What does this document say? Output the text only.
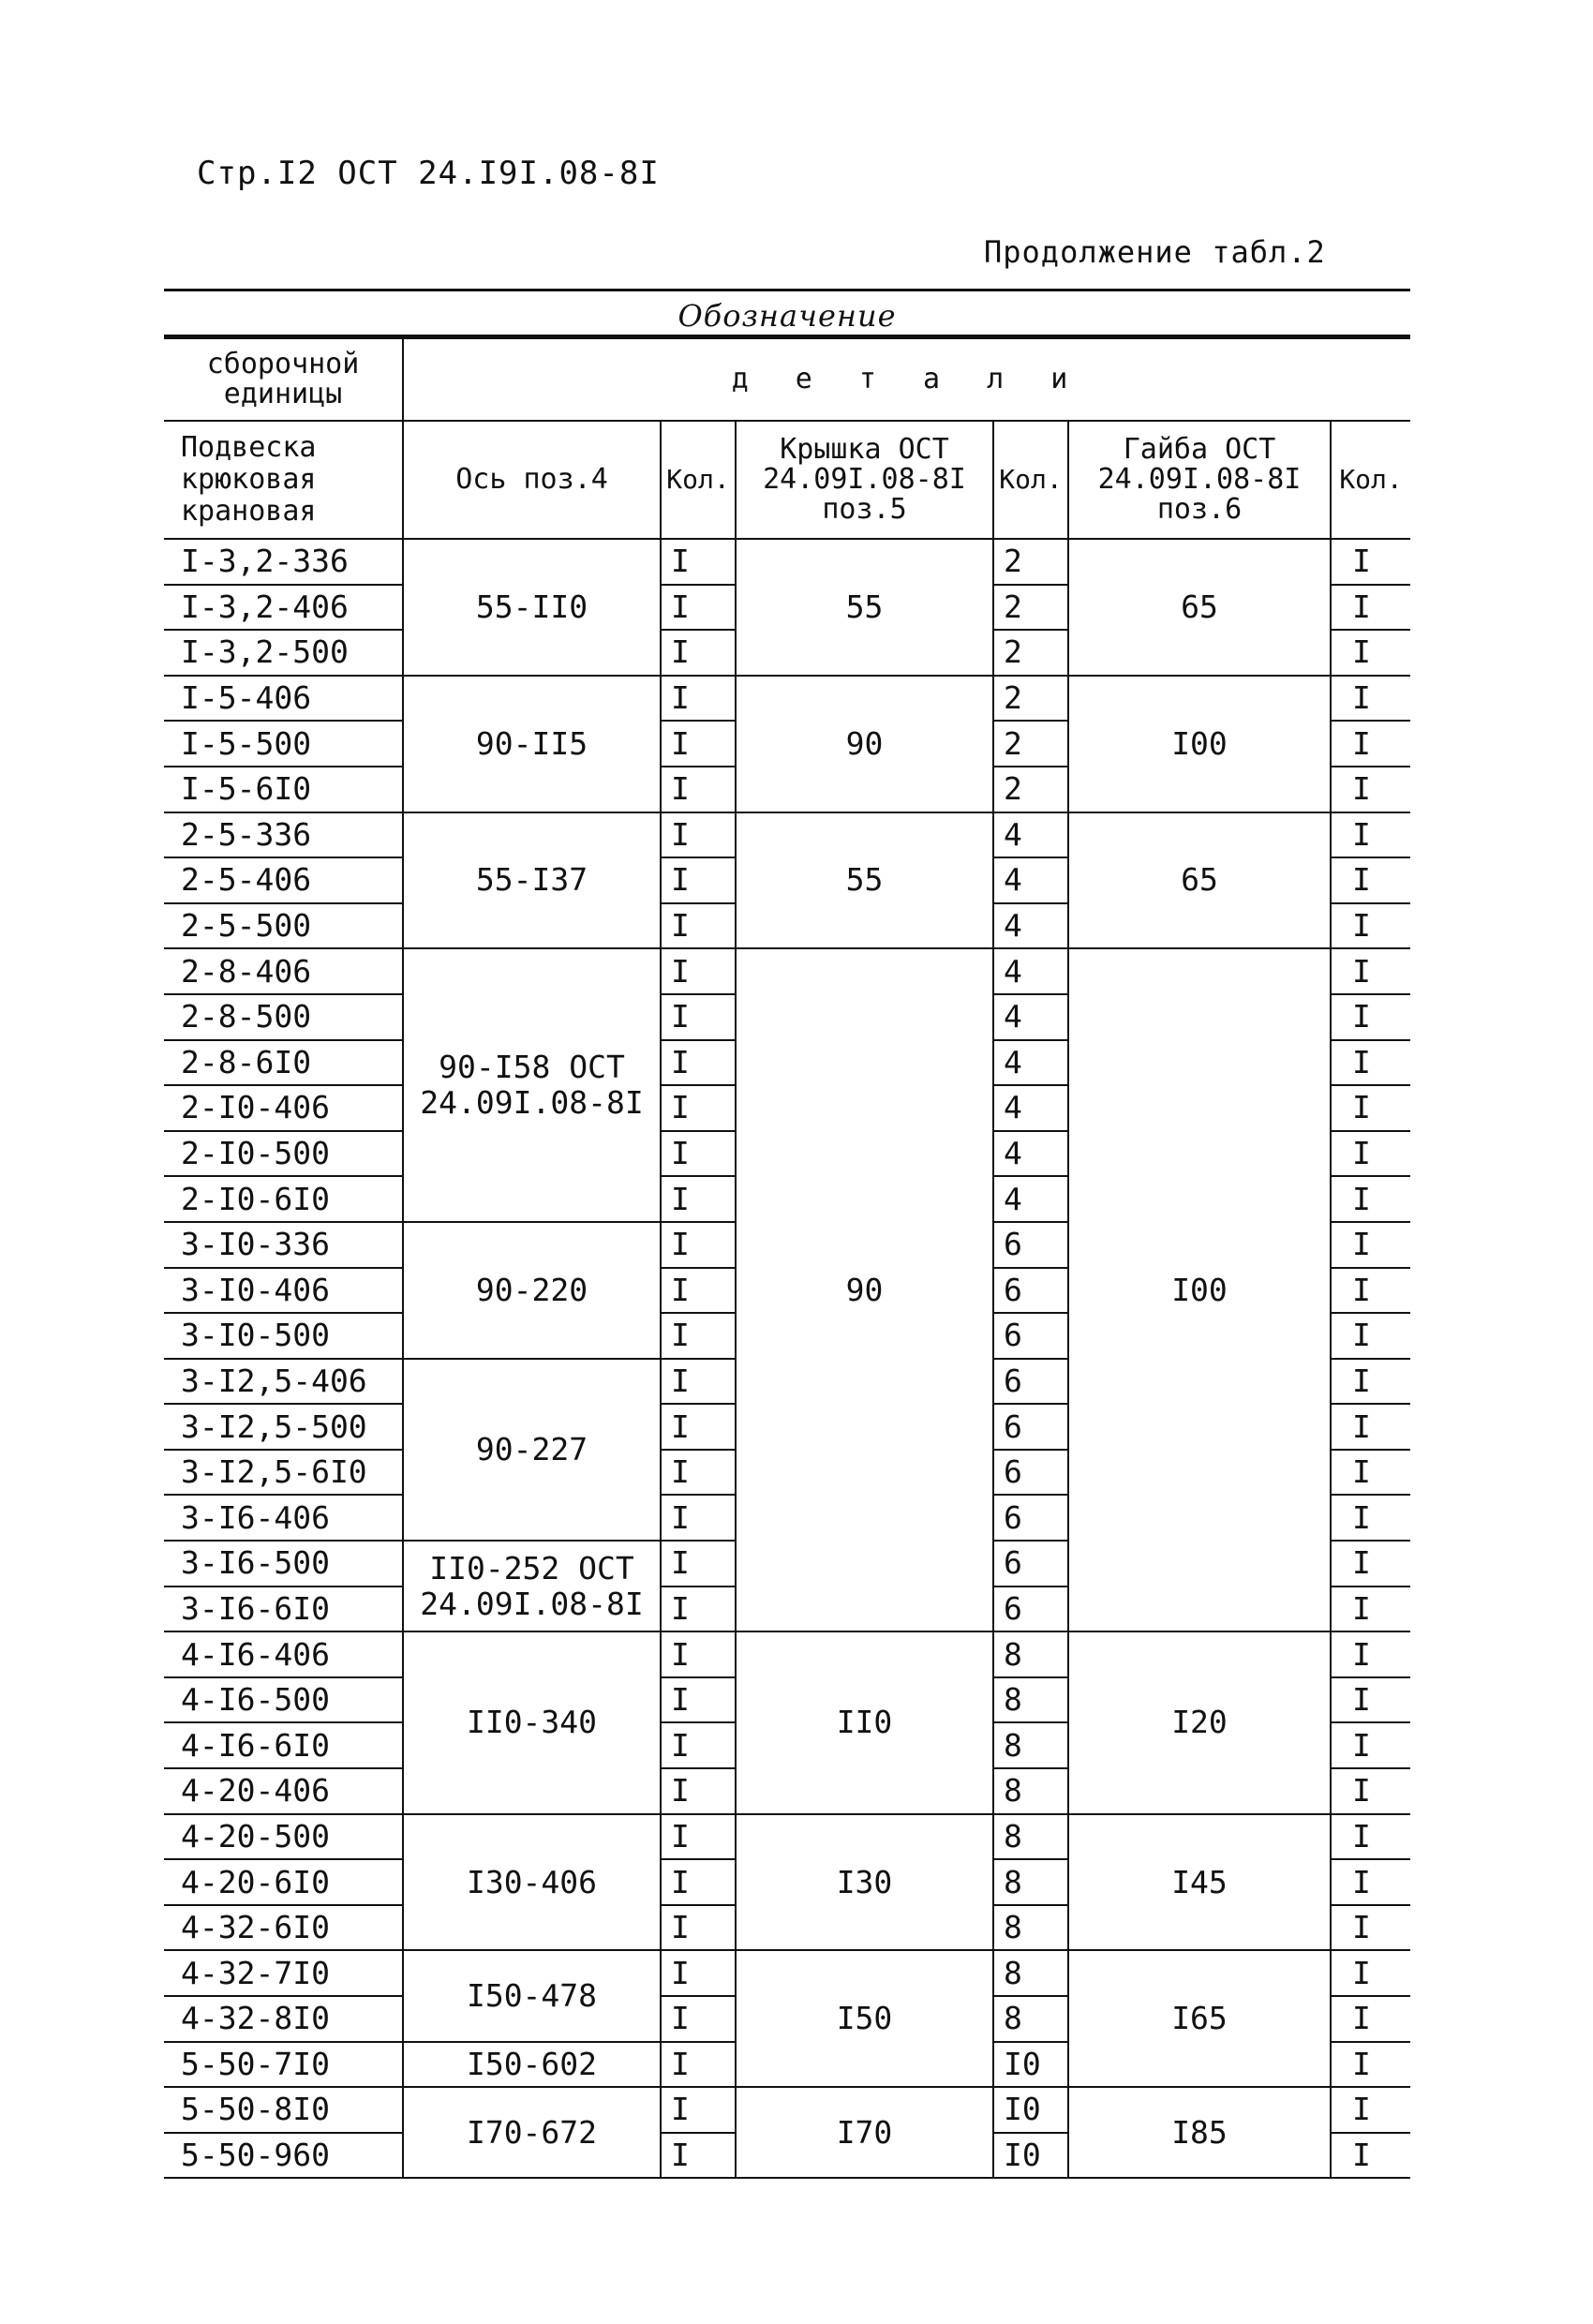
Стр.I2 ОСТ 24.I9I.08-8I
Продолжение табл.2
Обозначение
сборочной единицы	д е т а л и					
Подвеска крюковая крановая	Ось поз.4	Кол.	Крышка ОСТ 24.09I.08-8I поз.5	Кол.	Гайба ОСТ 24.09I.08-8I поз.6	Кол.
I-3,2-336	55-II0	I	55	2	65	I
I-3,2-406		I		2		I
I-3,2-500		I		2		I
I-5-406	90-II5	I	90	2	I00	I
I-5-500		I		2		I
I-5-6I0		I		2		I
2-5-336	55-I37	I	55	4	65	I
2-5-406		I		4		I
2-5-500		I		4		I
2-8-406	90-I58 ОСТ 24.09I.08-8I	I	90	4	I00	I
2-8-500		I		4		I
2-8-6I0		I		4		I
2-I0-406		I		4		I
2-I0-500		I		4		I
2-I0-6I0		I		4		I
3-I0-336	90-220	I		6		I
3-I0-406		I		6		I
3-I0-500		I		6		I
3-I2,5-406	90-227	I		6		I
3-I2,5-500		I		6		I
3-I2,5-6I0		I		6		I
3-I6-406		I		6		I
3-I6-500	II0-252 ОСТ 24.09I.08-8I	I		6		I
3-I6-6I0		I		6		I
4-I6-406	II0-340	I	II0	8	I20	I
4-I6-500		I		8		I
4-I6-6I0		I		8		I
4-20-406		I		8		I
4-20-500	I30-406	I	I30	8	I45	I
4-20-6I0		I		8		I
4-32-6I0		I		8		I
4-32-7I0	I50-478	I	I50	8	I65	I
4-32-8I0		I		8		I
5-50-7I0	I50-602	I		I0		I
5-50-8I0	I70-672	I	I70	I0	I85	I
5-50-960		I		I0		I
